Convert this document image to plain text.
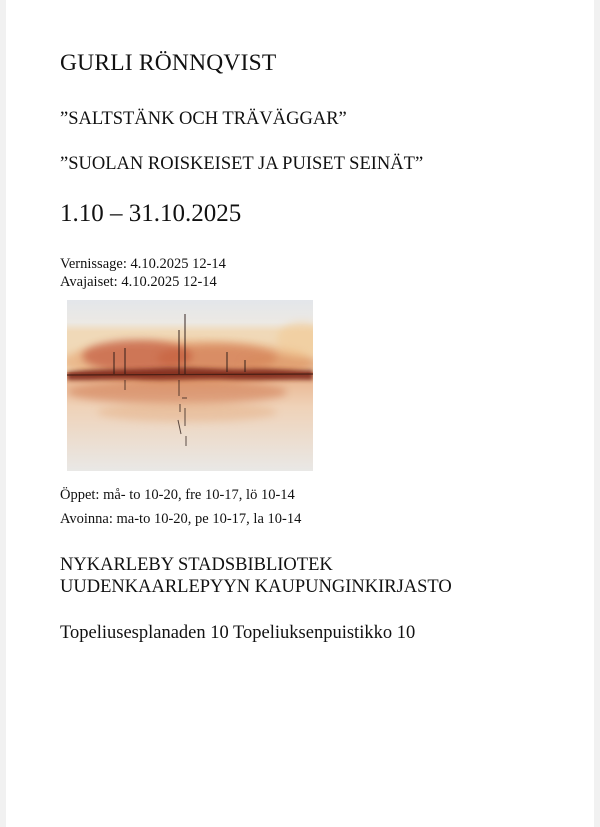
GURLI RÖNNQVIST
”SALTSTÄNK OCH TRÄVÄGGAR”
”SUOLAN ROISKEISET JA PUISET SEINÄT”
1.10 – 31.10.2025
Vernissage: 4.10.2025 12-14
Avajaiset: 4.10.2025 12-14
Öppet: må- to 10-20, fre 10-17, lö 10-14
Avoinna: ma-to 10-20, pe 10-17, la 10-14
NYKARLEBY STADSBIBLIOTEK
UUDENKAARLEPYYN KAUPUNGINKIRJASTO
Topeliusesplanaden 10 Topeliuksenpuistikko 10
